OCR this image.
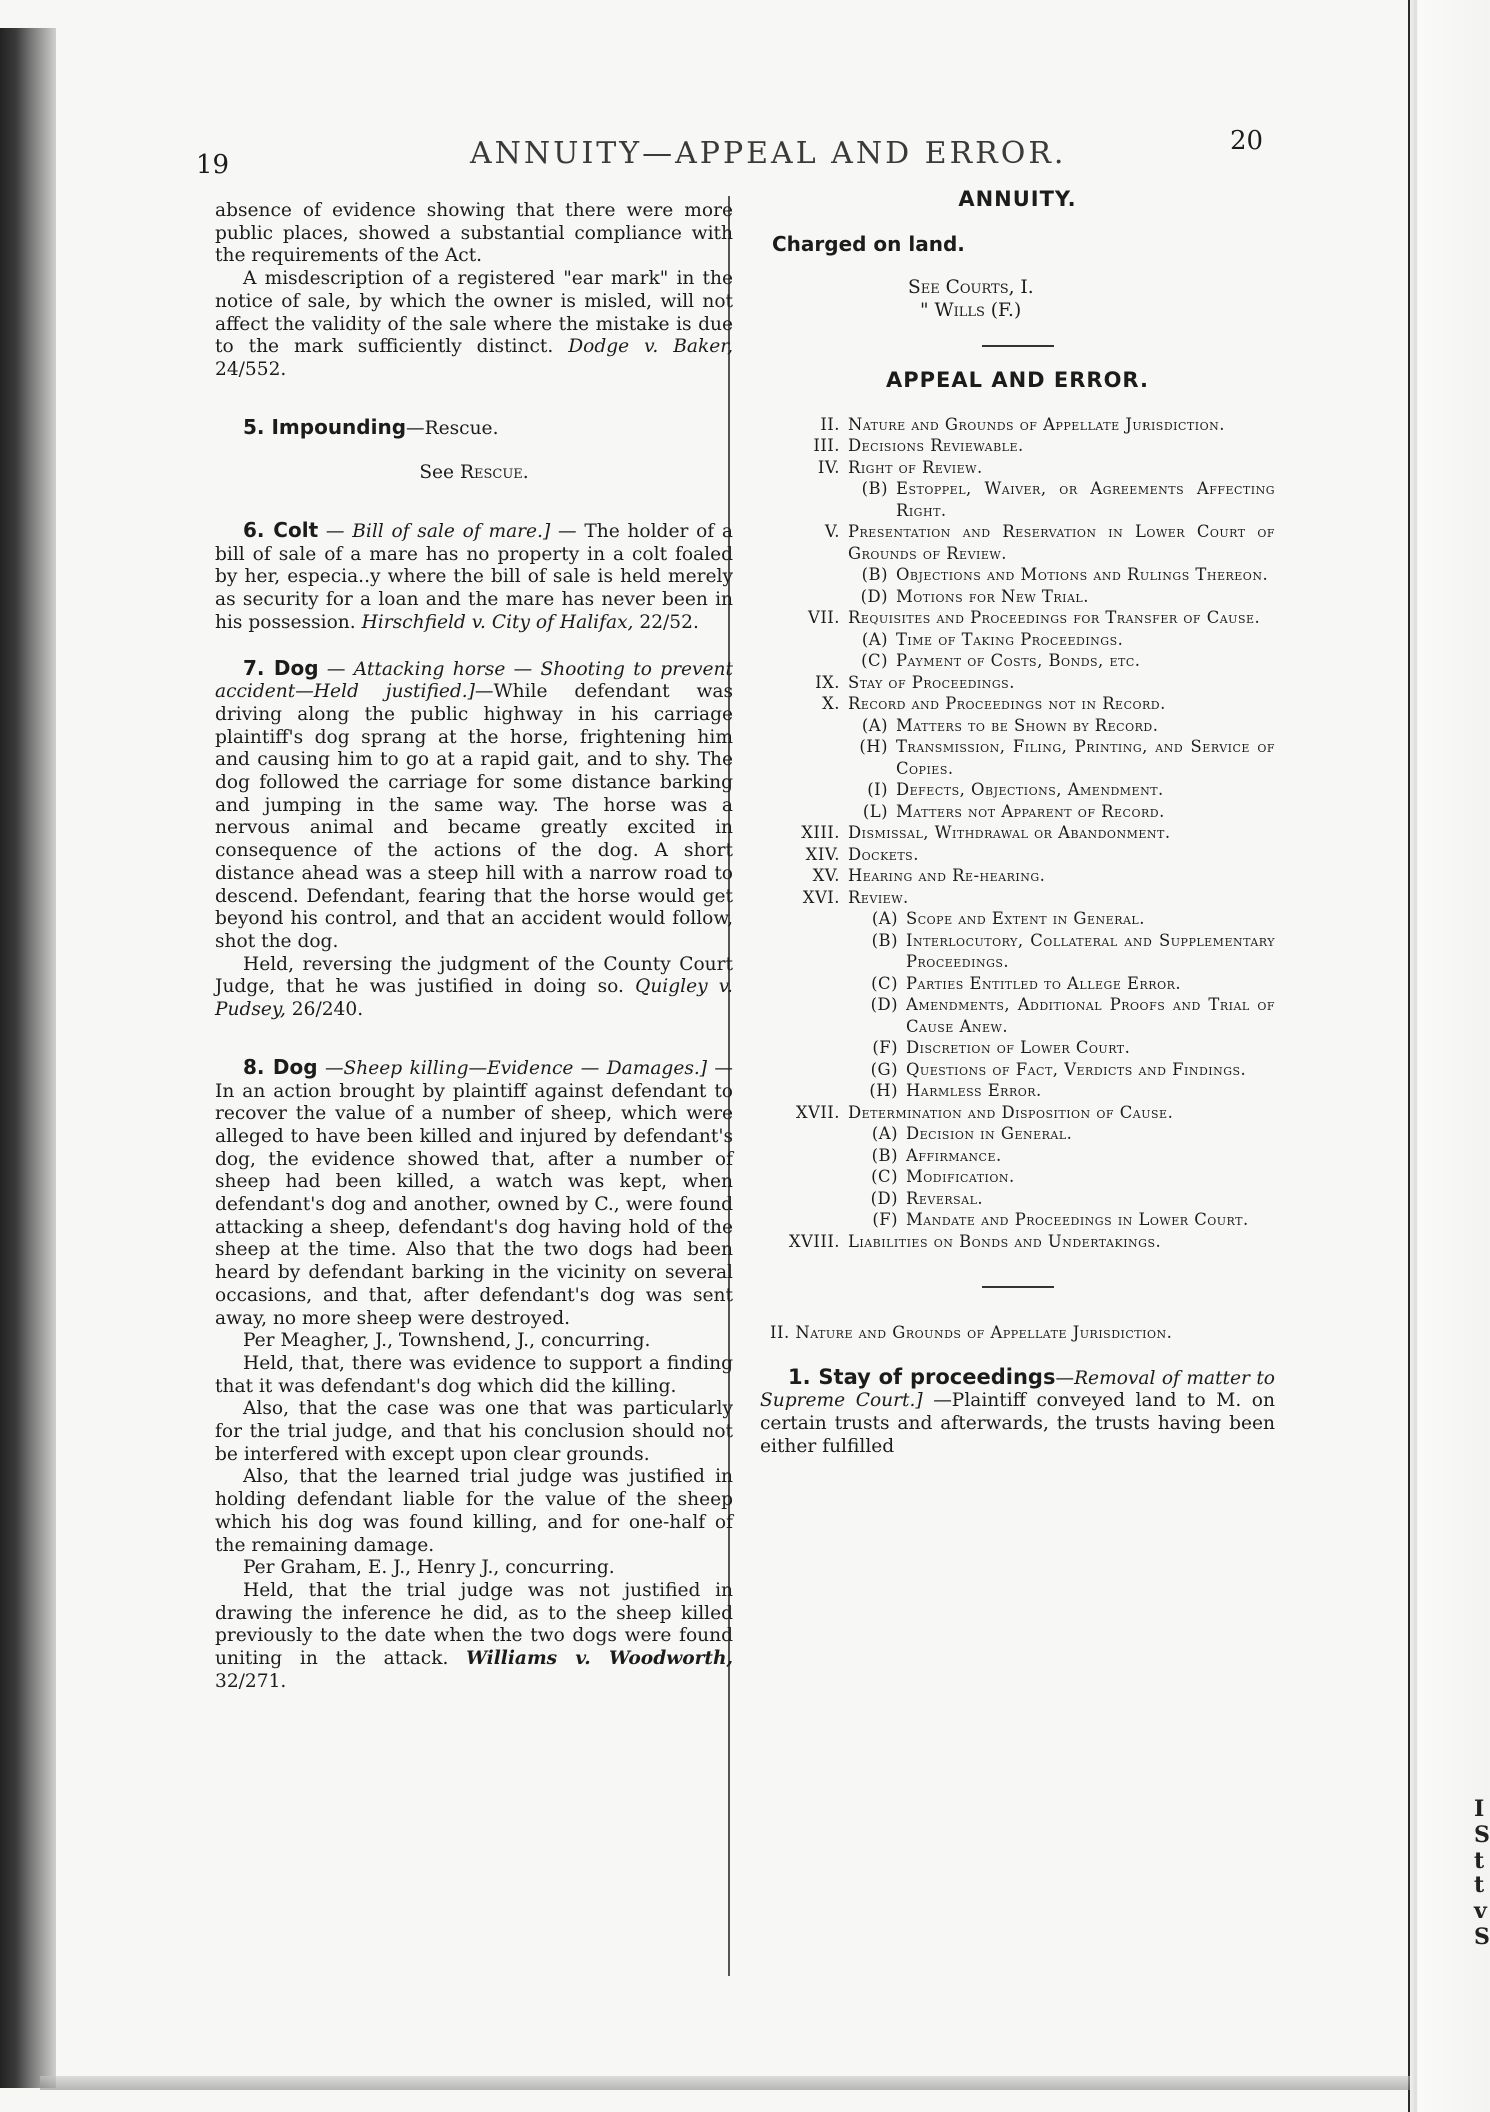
I
S
t
t
v
S
19	ANNUITY—APPEAL AND ERROR.	20

absence of evidence showing that there were more public places, showed a substantial compliance with the requirements of the Act.

A misdescription of a registered "ear mark" in the notice of sale, by which the owner is misled, will not affect the validity of the sale where the mistake is due to the mark sufficiently distinct. Dodge v. Baker, 24/552.

5. Impounding—Rescue.

See Rescue.

6. Colt — Bill of sale of mare.] — The holder of a bill of sale of a mare has no property in a colt foaled by her, especia..y where the bill of sale is held merely as security for a loan and the mare has never been in his possession. Hirschfield v. City of Halifax, 22/52.

7. Dog — Attacking horse — Shooting to prevent accident—Held justified.]—While defendant was driving along the public highway in his carriage plaintiff's dog sprang at the horse, frightening him and causing him to go at a rapid gait, and to shy. The dog followed the carriage for some distance barking and jumping in the same way. The horse was a nervous animal and became greatly excited in consequence of the actions of the dog. A short distance ahead was a steep hill with a narrow road to descend. Defendant, fearing that the horse would get beyond his control, and that an accident would follow, shot the dog.

Held, reversing the judgment of the County Court Judge, that he was justified in doing so. Quigley v. Pudsey, 26/240.

8. Dog —Sheep killing—Evidence — Damages.] — In an action brought by plaintiff against defendant to recover the value of a number of sheep, which were alleged to have been killed and injured by defendant's dog, the evidence showed that, after a number of sheep had been killed, a watch was kept, when defendant's dog and another, owned by C., were found attacking a sheep, defendant's dog having hold of the sheep at the time. Also that the two dogs had been heard by defendant barking in the vicinity on several occasions, and that, after defendant's dog was sent away, no more sheep were destroyed.

Per Meagher, J., Townshend, J., concurring.

Held, that, there was evidence to support a finding that it was defendant's dog which did the killing.

Also, that the case was one that was particularly for the trial judge, and that his conclusion should not be interfered with except upon clear grounds.

Also, that the learned trial judge was justified in holding defendant liable for the value of the sheep which his dog was found killing, and for one-half of the remaining damage.

Per Graham, E. J., Henry J., concurring.

Held, that the trial judge was not justified in drawing the inference he did, as to the sheep killed previously to the date when the two dogs were found uniting in the attack. Williams v. Woodworth, 32/271.

ANNUITY.
Charged on land.
See Courts, I.
" Wills (F.)
APPEAL AND ERROR.
II. Nature and Grounds of Appellate Jurisdiction.
III. Decisions Reviewable.
IV. Right of Review.
(B) Estoppel, Waiver, or Agreements Affecting Right.
V. Presentation and Reservation in Lower Court of Grounds of Review.
(B) Objections and Motions and Rulings Thereon.
(D) Motions for New Trial.
VII. Requisites and Proceedings for Transfer of Cause.
(A) Time of Taking Proceedings.
(C) Payment of Costs, Bonds, etc.
IX. Stay of Proceedings.
X. Record and Proceedings not in Record.
(A) Matters to be Shown by Record.
(H) Transmission, Filing, Printing, and Service of Copies.
(I) Defects, Objections, Amendment.
(L) Matters not Apparent of Record.
XIII. Dismissal, Withdrawal or Abandonment.
XIV. Dockets.
XV. Hearing and Re-hearing.
XVI. Review.
(A) Scope and Extent in General.
(B) Interlocutory, Collateral and Supplementary Proceedings.
(C) Parties Entitled to Allege Error.
(D) Amendments, Additional Proofs and Trial of Cause Anew.
(F) Discretion of Lower Court.
(G) Questions of Fact, Verdicts and Findings.
(H) Harmless Error.
XVII. Determination and Disposition of Cause.
(A) Decision in General.
(B) Affirmance.
(C) Modification.
(D) Reversal.
(F) Mandate and Proceedings in Lower Court.
XVIII. Liabilities on Bonds and Undertakings.

II. Nature and Grounds of Appellate Jurisdiction.

1. Stay of proceedings—Removal of matter to Supreme Court.] —Plaintiff conveyed land to M. on certain trusts and afterwards, the trusts having been either fulfilled
